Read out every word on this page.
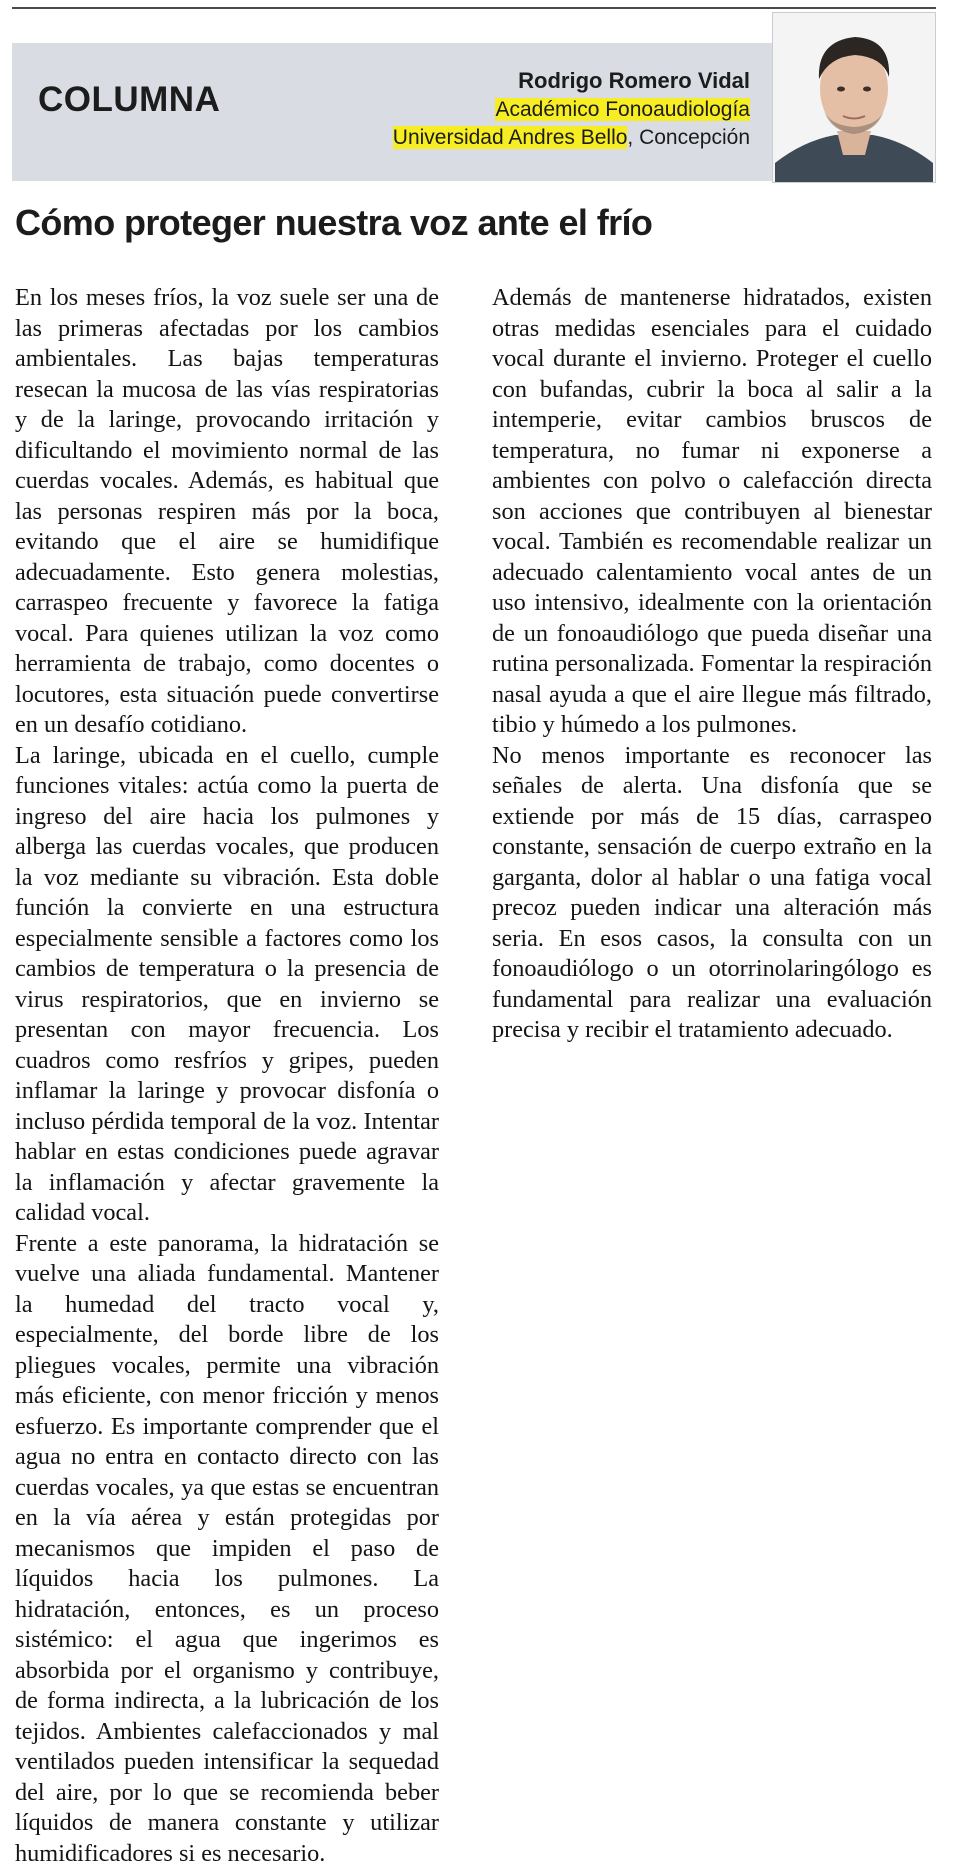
COLUMNA	Rodrigo Romero Vidal
Académico Fonoaudiología
Universidad Andres Bello, Concepción
Cómo proteger nuestra voz ante el frío

En los meses fríos, la voz suele ser una de las primeras afectadas por los cambios ambientales. Las bajas temperaturas resecan la mucosa de las vías respiratorias y de la laringe, provocando irritación y dificultando el movimiento normal de las cuerdas vocales. Además, es habitual que las personas respiren más por la boca, evitando que el aire se humidifique adecuadamente. Esto genera molestias, carraspeo frecuente y favorece la fatiga vocal. Para quienes utilizan la voz como herramienta de trabajo, como docentes o locutores, esta situación puede convertirse en un desafío cotidiano.

La laringe, ubicada en el cuello, cumple funciones vitales: actúa como la puerta de ingreso del aire hacia los pulmones y alberga las cuerdas vocales, que producen la voz mediante su vibración. Esta doble función la convierte en una estructura especialmente sensible a factores como los cambios de temperatura o la presencia de virus respiratorios, que en invierno se presentan con mayor frecuencia. Los cuadros como resfríos y gripes, pueden inflamar la laringe y provocar disfonía o incluso pérdida temporal de la voz. Intentar hablar en estas condiciones puede agravar la inflamación y afectar gravemente la calidad vocal.

Frente a este panorama, la hidratación se vuelve una aliada fundamental. Mantener la humedad del tracto vocal y, especialmente, del borde libre de los pliegues vocales, permite una vibración más eficiente, con menor fricción y menos esfuerzo. Es importante comprender que el agua no entra en contacto directo con las cuerdas vocales, ya que estas se encuentran en la vía aérea y están protegidas por mecanismos que impiden el paso de líquidos hacia los pulmones. La hidratación, entonces, es un proceso sistémico: el agua que ingerimos es absorbida por el organismo y contribuye, de forma indirecta, a la lubricación de los tejidos. Ambientes calefaccionados y mal ventilados pueden intensificar la sequedad del aire, por lo que se recomienda beber líquidos de manera constante y utilizar humidificadores si es necesario.

Además de mantenerse hidratados, existen otras medidas esenciales para el cuidado vocal durante el invierno. Proteger el cuello con bufandas, cubrir la boca al salir a la intemperie, evitar cambios bruscos de temperatura, no fumar ni exponerse a ambientes con polvo o calefacción directa son acciones que contribuyen al bienestar vocal. También es recomendable realizar un adecuado calentamiento vocal antes de un uso intensivo, idealmente con la orientación de un fonoaudiólogo que pueda diseñar una rutina personalizada. Fomentar la respiración nasal ayuda a que el aire llegue más filtrado, tibio y húmedo a los pulmones.

No menos importante es reconocer las señales de alerta. Una disfonía que se extiende por más de 15 días, carraspeo constante, sensación de cuerpo extraño en la garganta, dolor al hablar o una fatiga vocal precoz pueden indicar una alteración más seria. En esos casos, la consulta con un fonoaudiólogo o un otorrinolaringólogo es fundamental para realizar una evaluación precisa y recibir el tratamiento adecuado.
